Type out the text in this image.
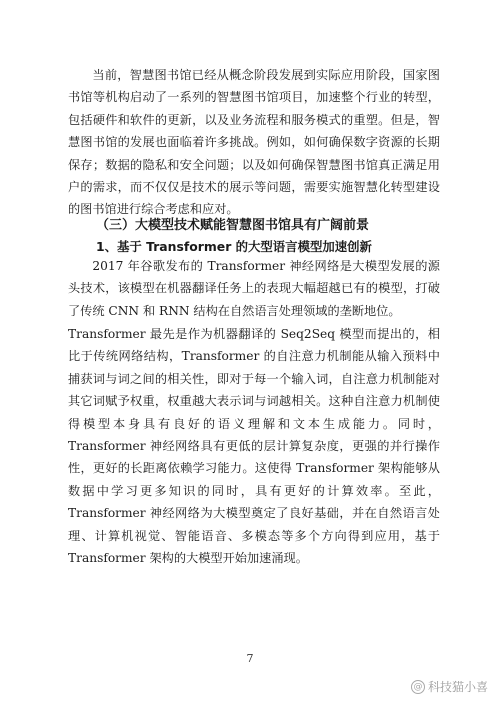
当前，智慧图书馆已经从概念阶段发展到实际应用阶段，国家图书馆等机构启动了一系列的智慧图书馆项目，加速整个行业的转型，包括硬件和软件的更新，以及业务流程和服务模式的重塑。但是，智慧图书馆的发展也面临着许多挑战。例如，如何确保数字资源的长期保存；数据的隐私和安全问题；以及如何确保智慧图书馆真正满足用户的需求，而不仅仅是技术的展示等问题，需要实施智慧化转型建设的图书馆进行综合考虑和应对。

（三）大模型技术赋能智慧图书馆具有广阔前景
1、基于 Transformer 的大型语言模型加速创新

2017 年谷歌发布的 Transformer 神经网络是大模型发展的源头技术，该模型在机器翻译任务上的表现大幅超越已有的模型，打破了传统 CNN 和 RNN 结构在自然语言处理领域的垄断地位。

Transformer 最先是作为机器翻译的 Seq2Seq 模型而提出的，相比于传统网络结构，Transformer 的自注意力机制能从输入预料中捕获词与词之间的相关性，即对于每一个输入词，自注意力机制能对其它词赋予权重，权重越大表示词与词越相关。这种自注意力机制使得模型本身具有良好的语义理解和文本生成能力。同时，Transformer 神经网络具有更低的层计算复杂度，更强的并行操作性，更好的长距离依赖学习能力。这使得 Transformer 架构能够从数据中学习更多知识的同时，具有更好的计算效率。至此，Transformer 神经网络为大模型奠定了良好基础，并在自然语言处理、计算机视觉、智能语音、多模态等多个方向得到应用，基于 Transformer 架构的大模型开始加速涌现。

7
@ 科技猫小喜
